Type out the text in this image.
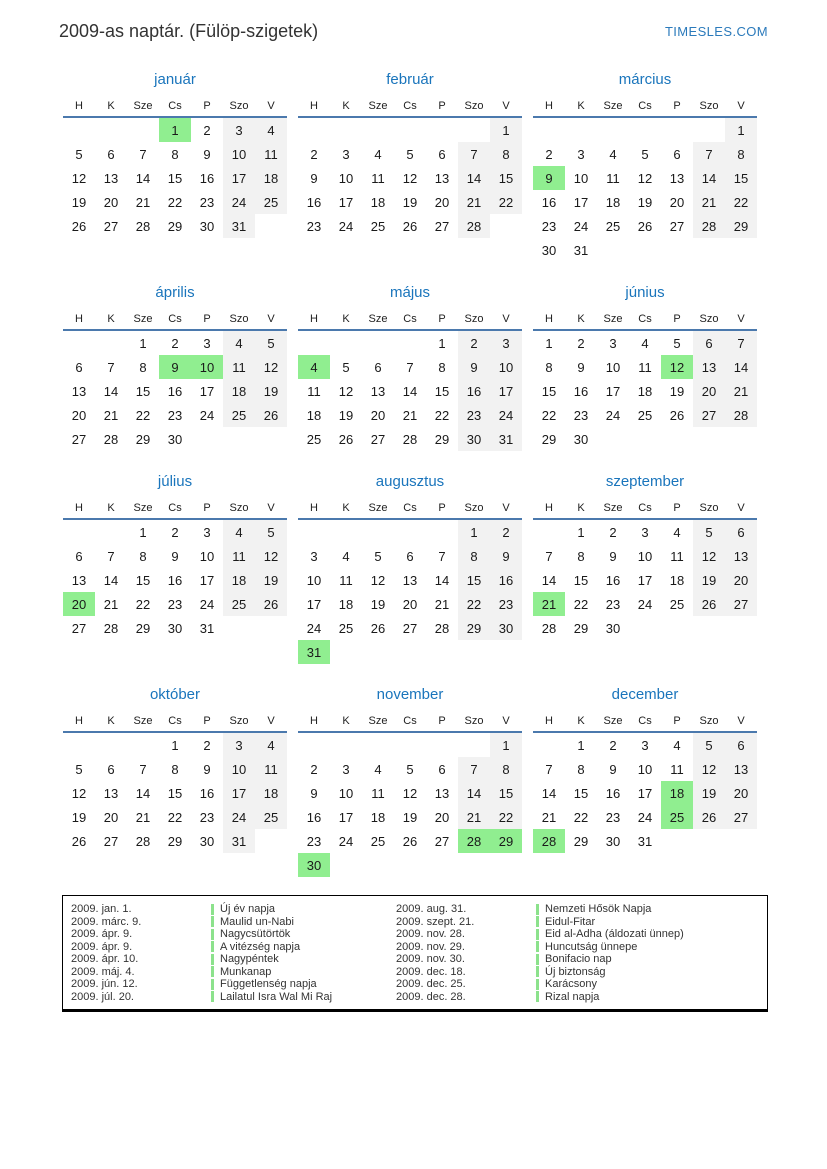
2009-as naptár. (Fülöp-szigetek)	TIMESLES.COM
január
H	K	Sze	Cs	P	Szo	V
			1	2	3	4
5	6	7	8	9	10	11
12	13	14	15	16	17	18
19	20	21	22	23	24	25
26	27	28	29	30	31	
február
H	K	Sze	Cs	P	Szo	V
						1
2	3	4	5	6	7	8
9	10	11	12	13	14	15
16	17	18	19	20	21	22
23	24	25	26	27	28	
március
H	K	Sze	Cs	P	Szo	V
						1
2	3	4	5	6	7	8
9	10	11	12	13	14	15
16	17	18	19	20	21	22
23	24	25	26	27	28	29
30	31					
április
H	K	Sze	Cs	P	Szo	V
		1	2	3	4	5
6	7	8	9	10	11	12
13	14	15	16	17	18	19
20	21	22	23	24	25	26
27	28	29	30			
május
H	K	Sze	Cs	P	Szo	V
				1	2	3
4	5	6	7	8	9	10
11	12	13	14	15	16	17
18	19	20	21	22	23	24
25	26	27	28	29	30	31
június
H	K	Sze	Cs	P	Szo	V
1	2	3	4	5	6	7
8	9	10	11	12	13	14
15	16	17	18	19	20	21
22	23	24	25	26	27	28
29	30					
július
H	K	Sze	Cs	P	Szo	V
		1	2	3	4	5
6	7	8	9	10	11	12
13	14	15	16	17	18	19
20	21	22	23	24	25	26
27	28	29	30	31		
augusztus
H	K	Sze	Cs	P	Szo	V
					1	2
3	4	5	6	7	8	9
10	11	12	13	14	15	16
17	18	19	20	21	22	23
24	25	26	27	28	29	30
31						
szeptember
H	K	Sze	Cs	P	Szo	V
	1	2	3	4	5	6
7	8	9	10	11	12	13
14	15	16	17	18	19	20
21	22	23	24	25	26	27
28	29	30				
október
H	K	Sze	Cs	P	Szo	V
			1	2	3	4
5	6	7	8	9	10	11
12	13	14	15	16	17	18
19	20	21	22	23	24	25
26	27	28	29	30	31	
november
H	K	Sze	Cs	P	Szo	V
						1
2	3	4	5	6	7	8
9	10	11	12	13	14	15
16	17	18	19	20	21	22
23	24	25	26	27	28	29
30						
december
H	K	Sze	Cs	P	Szo	V
	1	2	3	4	5	6
7	8	9	10	11	12	13
14	15	16	17	18	19	20
21	22	23	24	25	26	27
28	29	30	31			
2009. jan. 1.	Új év napja
2009. márc. 9.	Maulid un-Nabi
2009. ápr. 9.	Nagycsütörtök
2009. ápr. 9.	A vitézség napja
2009. ápr. 10.	Nagypéntek
2009. máj. 4.	Munkanap
2009. jún. 12.	Függetlenség napja
2009. júl. 20.	Lailatul Isra Wal Mi Raj
2009. aug. 31.	Nemzeti Hősök Napja
2009. szept. 21.	Eidul-Fitar
2009. nov. 28.	Eid al-Adha (áldozati ünnep)
2009. nov. 29.	Huncutság ünnepe
2009. nov. 30.	Bonifacio nap
2009. dec. 18.	Új biztonság
2009. dec. 25.	Karácsony
2009. dec. 28.	Rizal napja
